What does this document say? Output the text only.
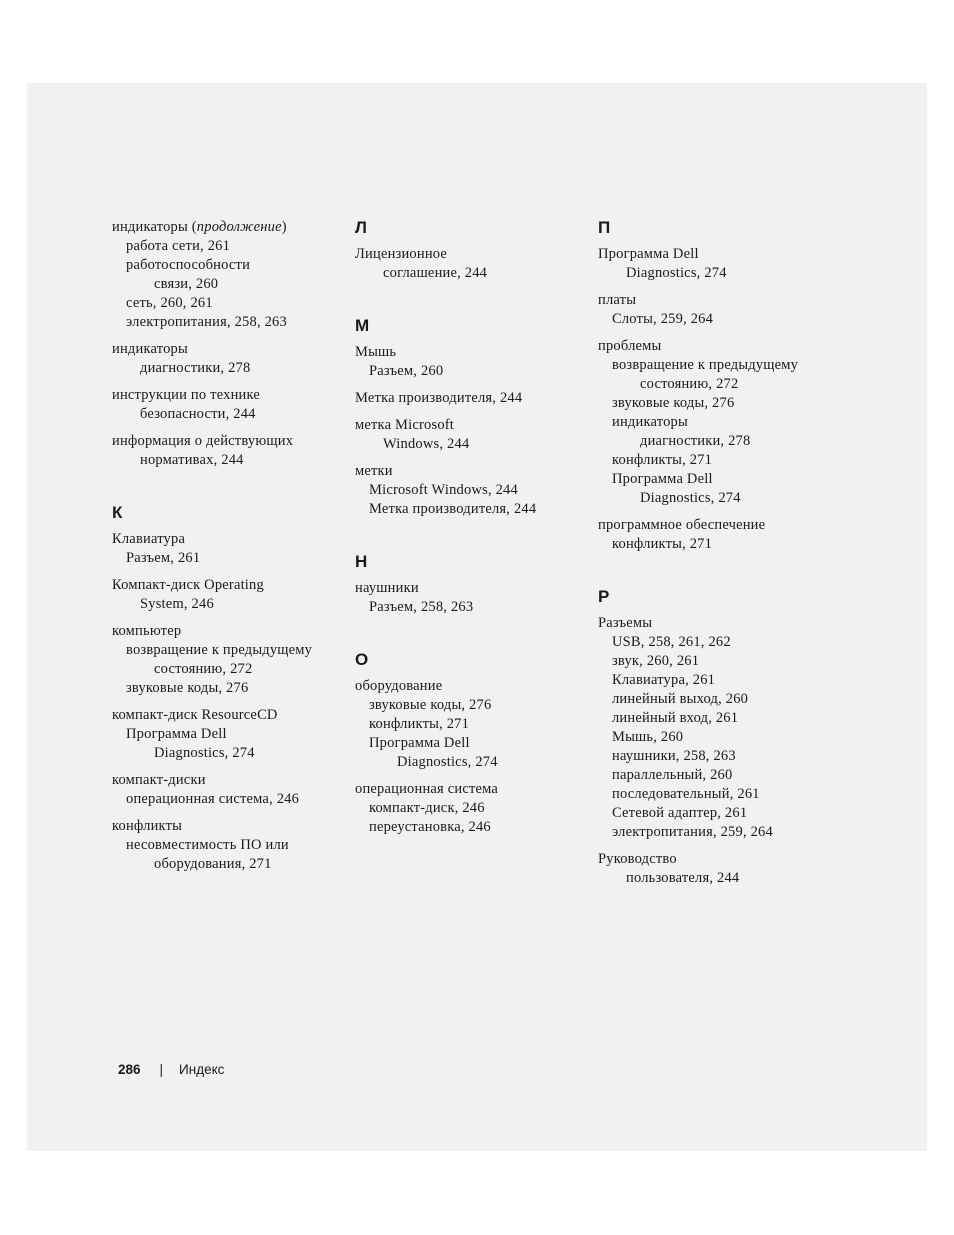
индикаторы (продолжение)
работа сети, 261
работоспособности
связи, 260
сеть, 260, 261
электропитания, 258, 263
индикаторы
диагностики, 278
инструкции по технике
безопасности, 244
информация о действующих
нормативах, 244
К
Клавиатура
Разъем, 261
Компакт-диск Operating
System, 246
компьютер
возвращение к предыдущему
состоянию, 272
звуковые коды, 276
компакт-диск ResourceCD
Программа Dell
Diagnostics, 274
компакт-диски
операционная система, 246
конфликты
несовместимость ПО или
оборудования, 271
Л
Лицензионное
соглашение, 244
М
Мышь
Разъем, 260
Метка производителя, 244
метка Microsoft
Windows, 244
метки
Microsoft Windows, 244
Метка производителя, 244
Н
наушники
Разъем, 258, 263
О
оборудование
звуковые коды, 276
конфликты, 271
Программа Dell
Diagnostics, 274
операционная система
компакт-диск, 246
переустановка, 246
П
Программа Dell
Diagnostics, 274
платы
Слоты, 259, 264
проблемы
возвращение к предыдущему
состоянию, 272
звуковые коды, 276
индикаторы
диагностики, 278
конфликты, 271
Программа Dell
Diagnostics, 274
программное обеспечение
конфликты, 271
Р
Разъемы
USB, 258, 261, 262
звук, 260, 261
Клавиатура, 261
линейный выход, 260
линейный вход, 261
Мышь, 260
наушники, 258, 263
параллельный, 260
последовательный, 261
Сетевой адаптер, 261
электропитания, 259, 264
Руководство
пользователя, 244
286 | Индекс
